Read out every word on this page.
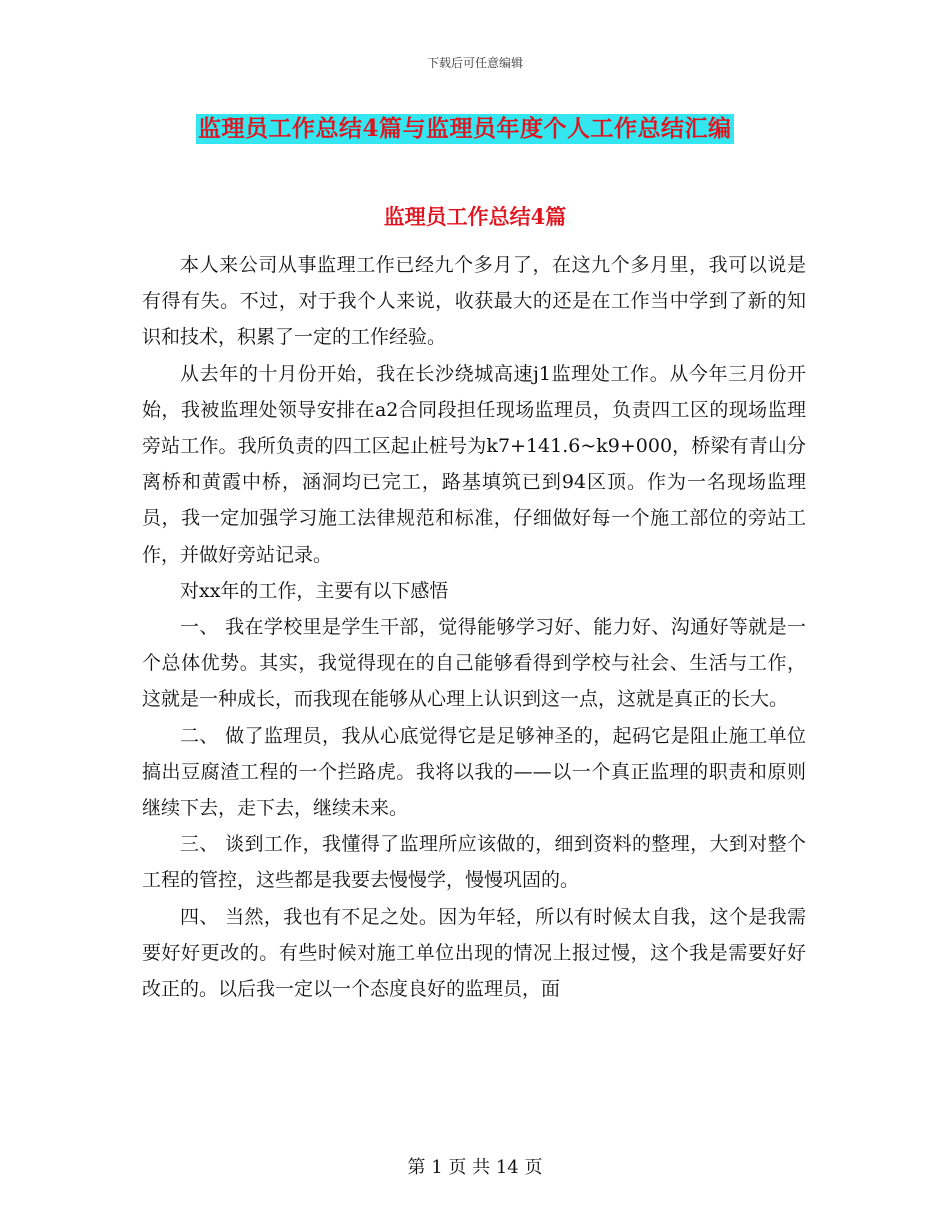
下载后可任意编辑
监理员工作总结4篇与监理员年度个人工作总结汇编
监理员工作总结4篇

本人来公司从事监理工作已经九个多月了，在这九个多月里，我可以说是有得有失。不过，对于我个人来说，收获最大的还是在工作当中学到了新的知识和技术，积累了一定的工作经验。

从去年的十月份开始，我在长沙绕城高速j1监理处工作。从今年三月份开始，我被监理处领导安排在a2合同段担任现场监理员，负责四工区的现场监理旁站工作。我所负责的四工区起止桩号为k7+141.6~k9+000，桥梁有青山分离桥和黄霞中桥，涵洞均已完工，路基填筑已到94区顶。作为一名现场监理员，我一定加强学习施工法律规范和标准，仔细做好每一个施工部位的旁站工作，并做好旁站记录。

对xx年的工作，主要有以下感悟

一、 我在学校里是学生干部，觉得能够学习好、能力好、沟通好等就是一个总体优势。其实，我觉得现在的自己能够看得到学校与社会、生活与工作，这就是一种成长，而我现在能够从心理上认识到这一点，这就是真正的长大。

二、 做了监理员，我从心底觉得它是足够神圣的，起码它是阻止施工单位搞出豆腐渣工程的一个拦路虎。我将以我的——以一个真正监理的职责和原则继续下去，走下去，继续未来。

三、 谈到工作，我懂得了监理所应该做的，细到资料的整理，大到对整个工程的管控，这些都是我要去慢慢学，慢慢巩固的。

四、 当然，我也有不足之处。因为年轻，所以有时候太自我，这个是我需要好好更改的。有些时候对施工单位出现的情况上报过慢，这个我是需要好好改正的。以后我一定以一个态度良好的监理员，面

第 1 页 共 14 页
